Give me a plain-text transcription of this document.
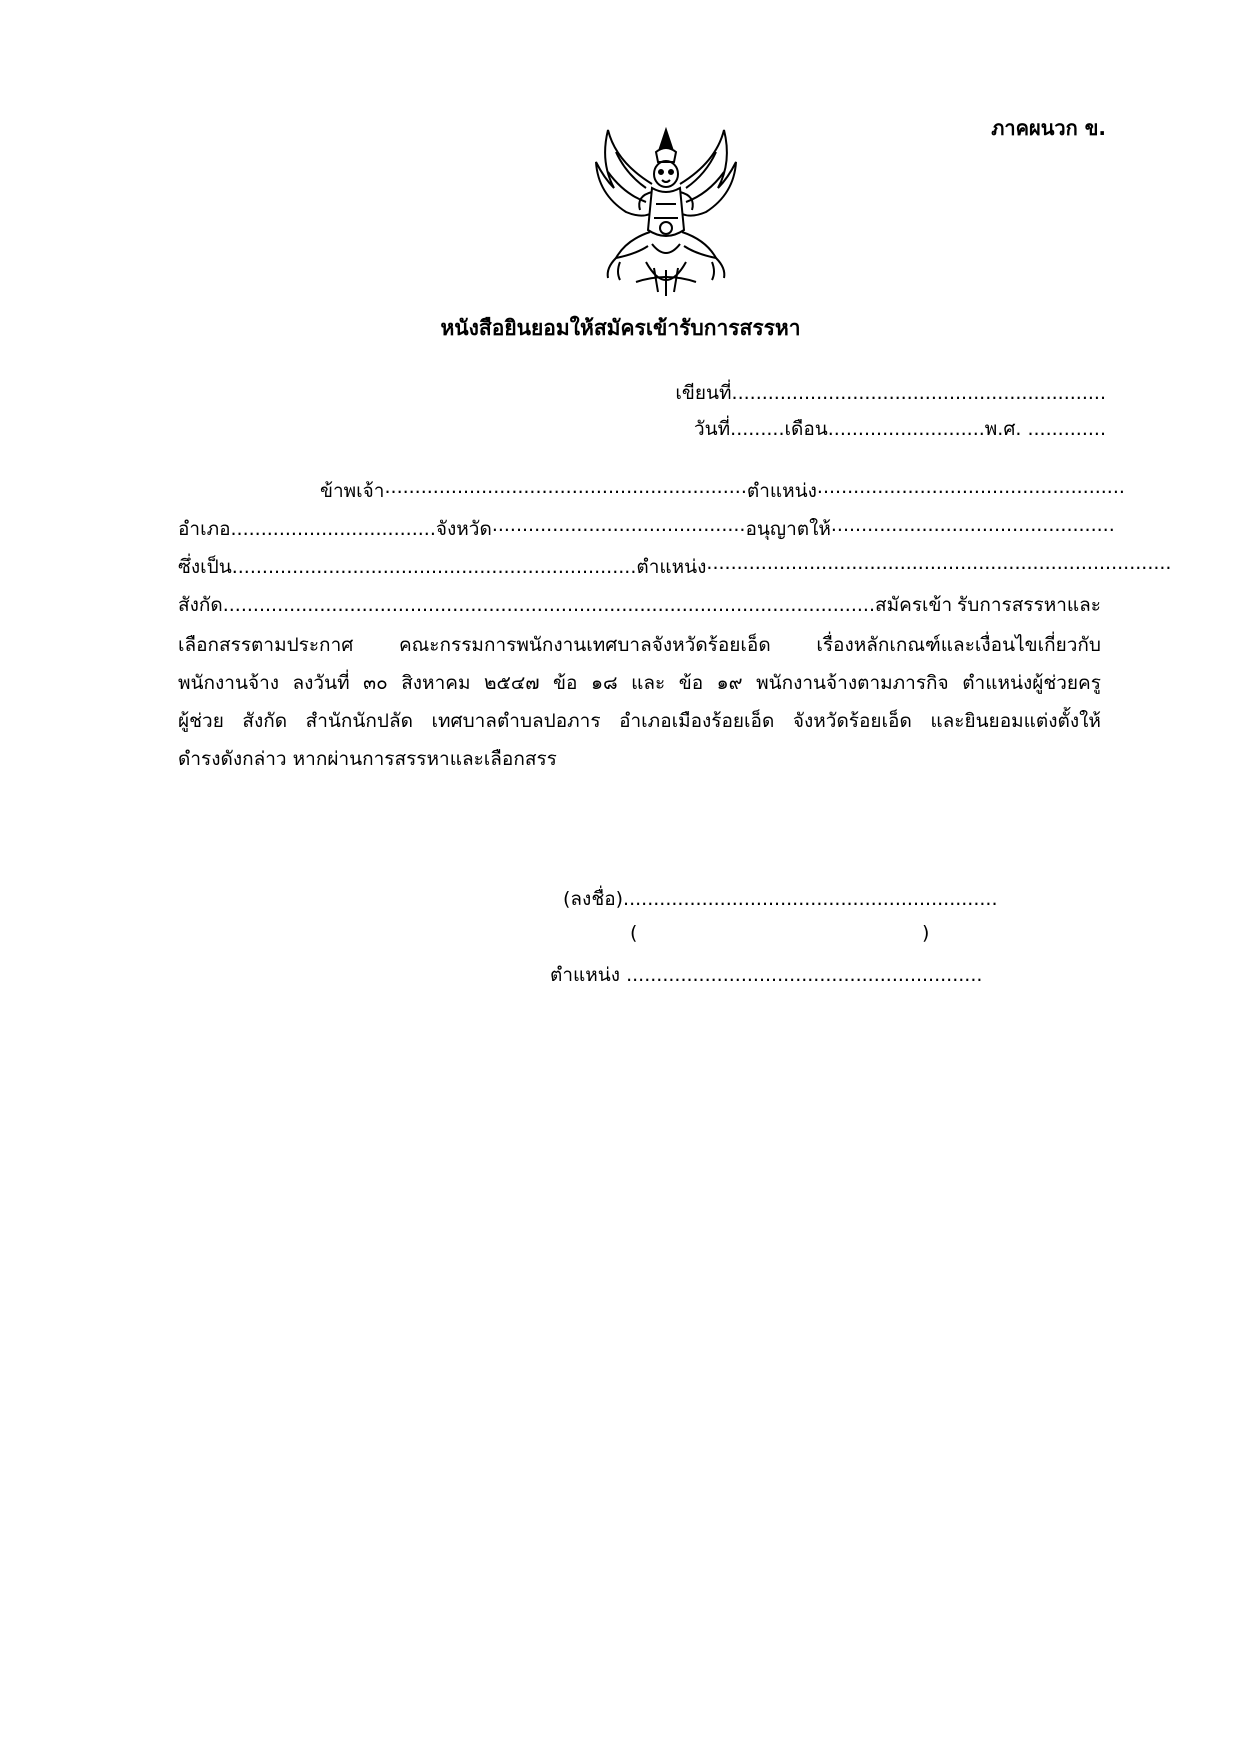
ภาคผนวก ข.
หนังสือยินยอมให้สมัครเข้ารับการสรรหา
เขียนที่..............................................................
วันที่.........เดือน..........................พ.ศ. .............
ข้าพเจ้า ............................................................ ตำแหน่ง ............................................. ......
อำเภอ.................................. จังหวัด .......................................... อนุญาตให้ .................... ...........................
ซึ่งเป็น...................................................................ตำแหน่ง ......................................... ....................................
สังกัด............................................................................................................สมัครเข้า รับการสรรหาและ
เลือกสรรตามประกาศ คณะกรรมการพนักงานเทศบาลจังหวัดร้อยเอ็ด เรื่องหลักเกณฑ์และเงื่อนไขเกี่ยวกับ
พนักงานจ้าง ลงวันที่ ๓๐ สิงหาคม ๒๕๔๗ ข้อ ๑๘ และ ข้อ ๑๙ พนักงานจ้างตามภารกิจ ตำแหน่งผู้ช่วยครู
ผู้ช่วย สังกัด สำนักนักปลัด เทศบาลตำบลปอภาร อำเภอเมืองร้อยเอ็ด จังหวัดร้อยเอ็ด และยินยอมแต่งตั้งให้
ดำรงดังกล่าว หากผ่านการสรรหาและเลือกสรร
(ลงชื่อ)..............................................................
(	)
ตำแหน่ง ...........................................................
